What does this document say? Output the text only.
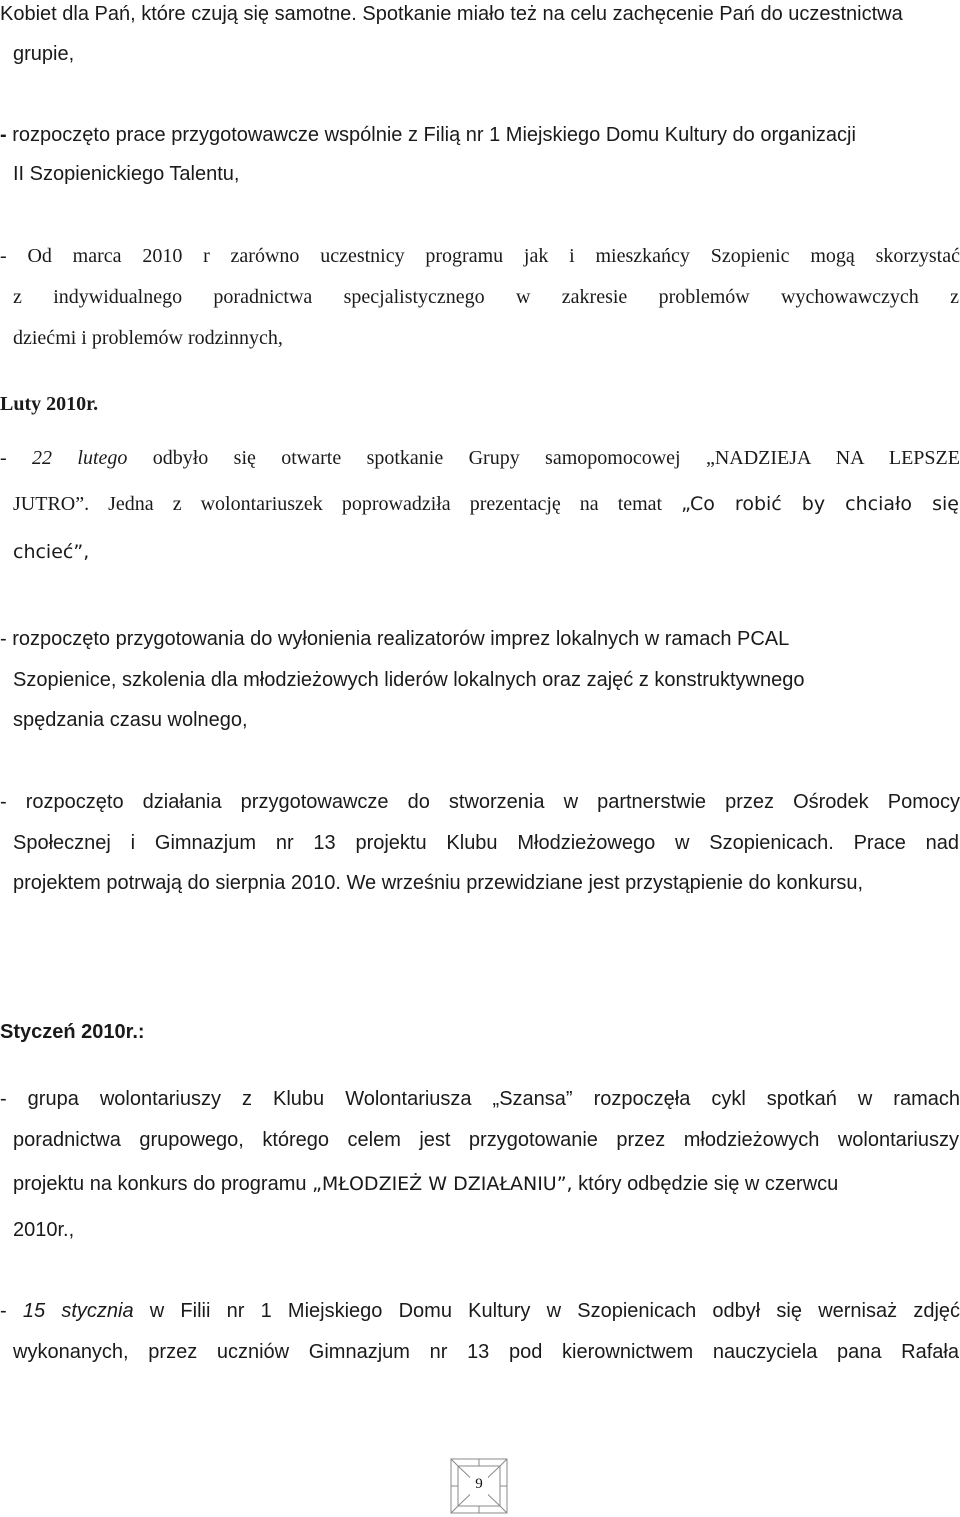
Kobiet dla Pań, które czują się samotne. Spotkanie miało też na celu zachęcenie Pań do uczestnictwa
grupie,
- rozpoczęto prace przygotowawcze wspólnie z Filią nr 1 Miejskiego Domu Kultury do organizacji
II Szopienickiego Talentu,
- Od marca 2010 r zarówno uczestnicy programu jak i mieszkańcy Szopienic mogą skorzystać
z indywidualnego poradnictwa specjalistycznego w zakresie problemów wychowawczych z
dziećmi i problemów rodzinnych,
Luty 2010r.
- 22 lutego odbyło się otwarte spotkanie Grupy samopomocowej „NADZIEJA NA LEPSZE
JUTRO”. Jedna z wolontariuszek poprowadziła prezentację na temat „Co robić by chciało się
chcieć”,
- rozpoczęto przygotowania do wyłonienia realizatorów imprez lokalnych w ramach PCAL
Szopienice, szkolenia dla młodzieżowych liderów lokalnych oraz zajęć z konstruktywnego
spędzania czasu wolnego,
- rozpoczęto działania przygotowawcze do stworzenia w partnerstwie przez Ośrodek Pomocy
Społecznej i Gimnazjum nr 13 projektu Klubu Młodzieżowego w Szopienicach. Prace nad
projektem potrwają do sierpnia 2010. We wrześniu przewidziane jest przystąpienie do konkursu,
Styczeń 2010r.:
- grupa wolontariuszy z Klubu Wolontariusza „Szansa” rozpoczęła cykl spotkań w ramach
poradnictwa grupowego, którego celem jest przygotowanie przez młodzieżowych wolontariuszy
projektu na konkurs do programu „MŁODZIEŻ W DZIAŁANIU”, który odbędzie się w czerwcu
2010r.,
- 15 stycznia w Filii nr 1 Miejskiego Domu Kultury w Szopienicach odbył się wernisaż zdjęć
wykonanych, przez uczniów Gimnazjum nr 13 pod kierownictwem nauczyciela pana Rafała
9
